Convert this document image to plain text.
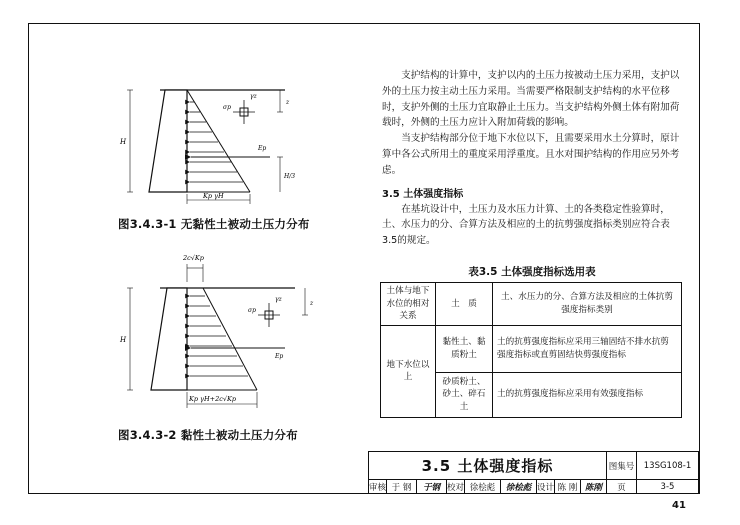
γz
σp
Ep
z
H/3
H
Kp γH
图3.4.3-1 无黏性土被动土压力分布
2c√Kp
γz
σp
Ep
z
H
Kp γH+2c√Kp
图3.4.3-2 黏性土被动土压力分布

支护结构的计算中，支护以内的土压力按被动土压力采用，支护以外的土压力按主动土压力采用。当需要严格限制支护结构的水平位移时，支护外侧的土压力宜取静止土压力。当支护结构外侧土体有附加荷载时，外侧的土压力应计入附加荷载的影响。

当支护结构部分位于地下水位以下，且需要采用水土分算时，原计算中各公式所用土的重度采用浮重度。且水对围护结构的作用应另外考虑。

3.5 土体强度指标

在基坑设计中，土压力及水压力计算、土的各类稳定性验算时，土、水压力的分、合算方法及相应的土的抗剪强度指标类别应符合表3.5的规定。

表3.5 土体强度指标选用表
土体与地下水位的相对关系	土　质	土、水压力的分、合算方法及相应的土体抗剪强度指标类别
地下水位以上	黏性土、黏质粉土	土的抗剪强度指标应采用三轴固结不排水抗剪强度指标或直剪固结快剪强度指标
	砂质粉土、砂土、碎石土	土的抗剪强度指标应采用有效强度指标
3.5 土体强度指标	图集号	13SG108-1
审核 于 钢	于钢 校对 徐桧彪	徐桧彪 设计 陈 刚 陈刚	页	3-5
41
